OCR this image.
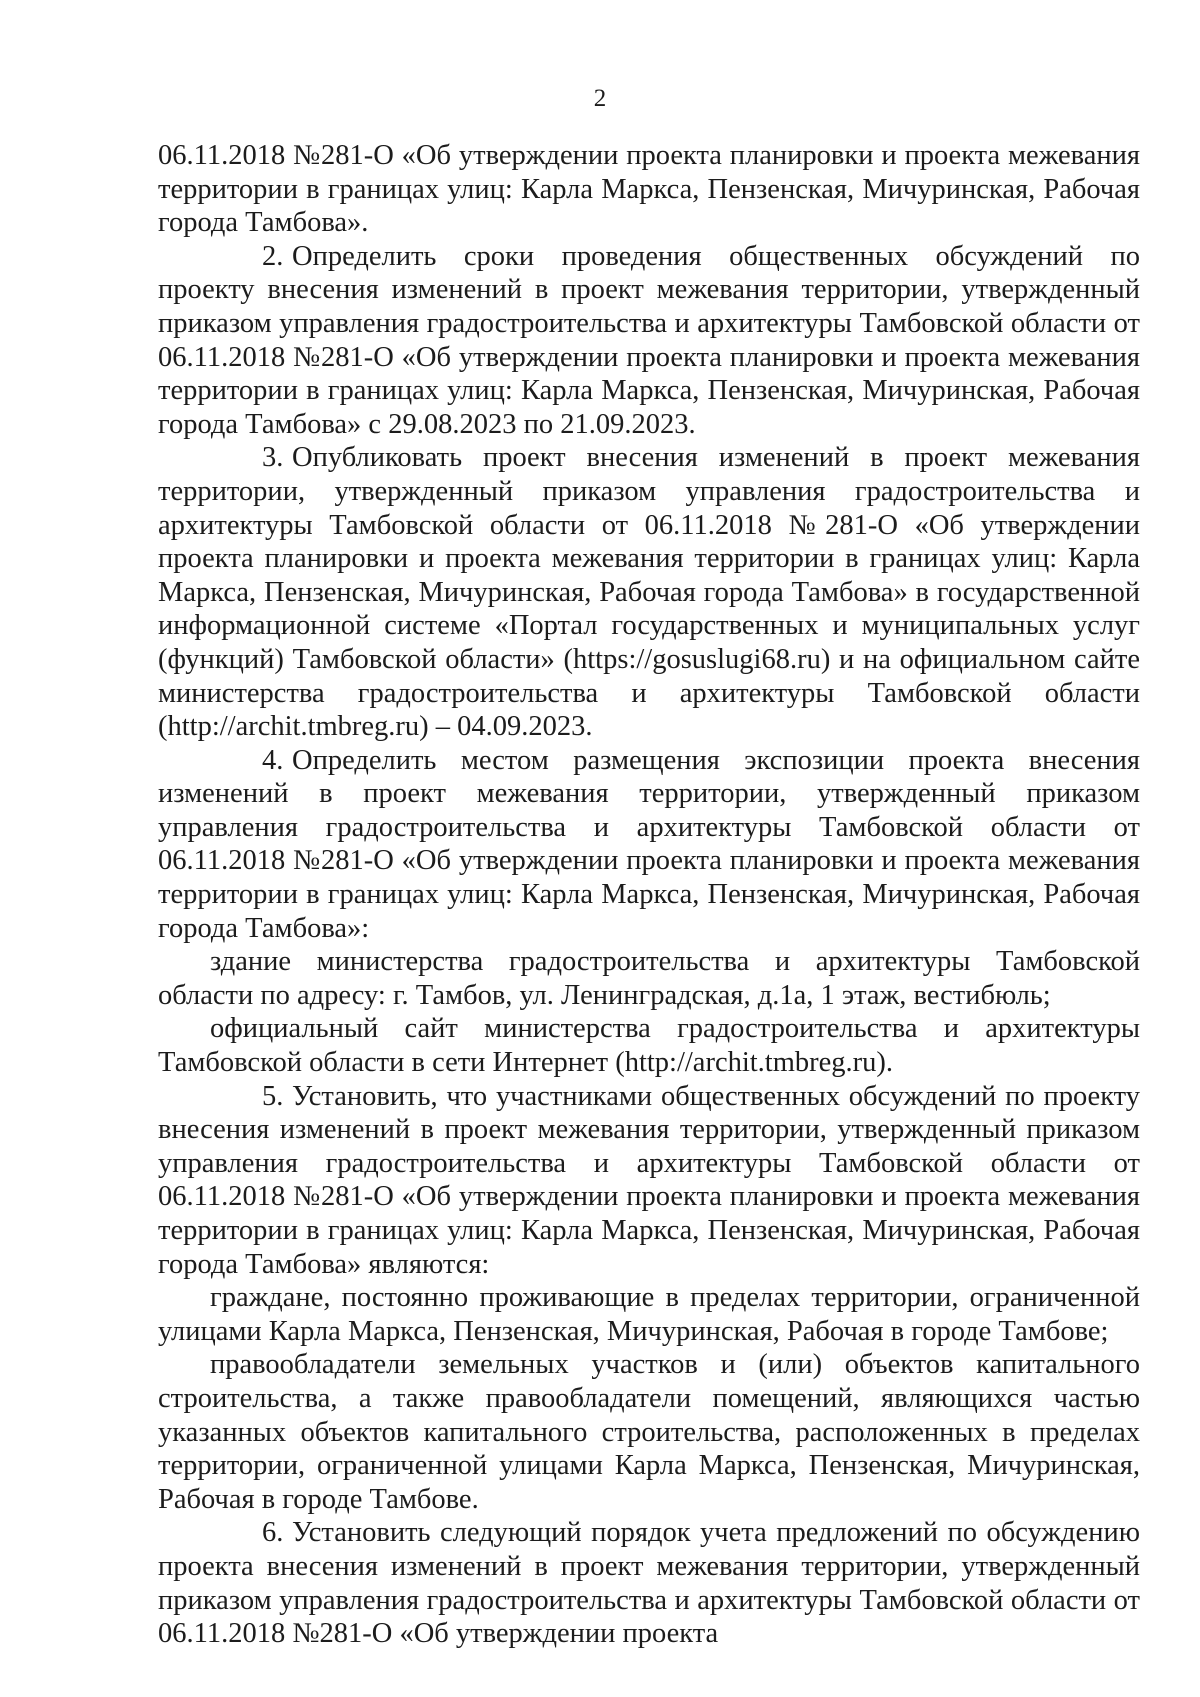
2

06.11.2018 №281-О «Об утверждении проекта планировки и проекта межевания территории в границах улиц: Карла Маркса, Пензенская, Мичуринская, Рабочая города Тамбова».

2. Определить сроки проведения общественных обсуждений по проекту внесения изменений в проект межевания территории, утвержденный приказом управления градостроительства и архитектуры Тамбовской области от 06.11.2018 №281-О «Об утверждении проекта планировки и проекта межевания территории в границах улиц: Карла Маркса, Пензенская, Мичуринская, Рабочая города Тамбова» с 29.08.2023 по 21.09.2023.

3. Опубликовать проект внесения изменений в проект межевания территории, утвержденный приказом управления градостроительства и архитектуры Тамбовской области от 06.11.2018 №281-О «Об утверждении проекта планировки и проекта межевания территории в границах улиц: Карла Маркса, Пензенская, Мичуринская, Рабочая города Тамбова» в государственной информационной системе «Портал государственных и муниципальных услуг (функций) Тамбовской области» (https://gosuslugi68.ru) и на официальном сайте министерства градостроительства и архитектуры Тамбовской области (http://archit.tmbreg.ru) – 04.09.2023.

4. Определить местом размещения экспозиции проекта внесения изменений в проект межевания территории, утвержденный приказом управления градостроительства и архитектуры Тамбовской области от 06.11.2018 №281-О «Об утверждении проекта планировки и проекта межевания территории в границах улиц: Карла Маркса, Пензенская, Мичуринская, Рабочая города Тамбова»:

здание министерства градостроительства и архитектуры Тамбовской области по адресу: г. Тамбов, ул. Ленинградская, д.1а, 1 этаж, вестибюль;

официальный сайт министерства градостроительства и архитектуры Тамбовской области в сети Интернет (http://archit.tmbreg.ru).

5. Установить, что участниками общественных обсуждений по проекту внесения изменений в проект межевания территории, утвержденный приказом управления градостроительства и архитектуры Тамбовской области от 06.11.2018 №281-О «Об утверждении проекта планировки и проекта межевания территории в границах улиц: Карла Маркса, Пензенская, Мичуринская, Рабочая города Тамбова» являются:

граждане, постоянно проживающие в пределах территории, ограниченной улицами Карла Маркса, Пензенская, Мичуринская, Рабочая в городе Тамбове;

правообладатели земельных участков и (или) объектов капитального строительства, а также правообладатели помещений, являющихся частью указанных объектов капитального строительства, расположенных в пределах территории, ограниченной улицами Карла Маркса, Пензенская, Мичуринская, Рабочая в городе Тамбове.

6. Установить следующий порядок учета предложений по обсуждению проекта внесения изменений в проект межевания территории, утвержденный приказом управления градостроительства и архитектуры Тамбовской области от 06.11.2018 №281-О «Об утверждении проекта
